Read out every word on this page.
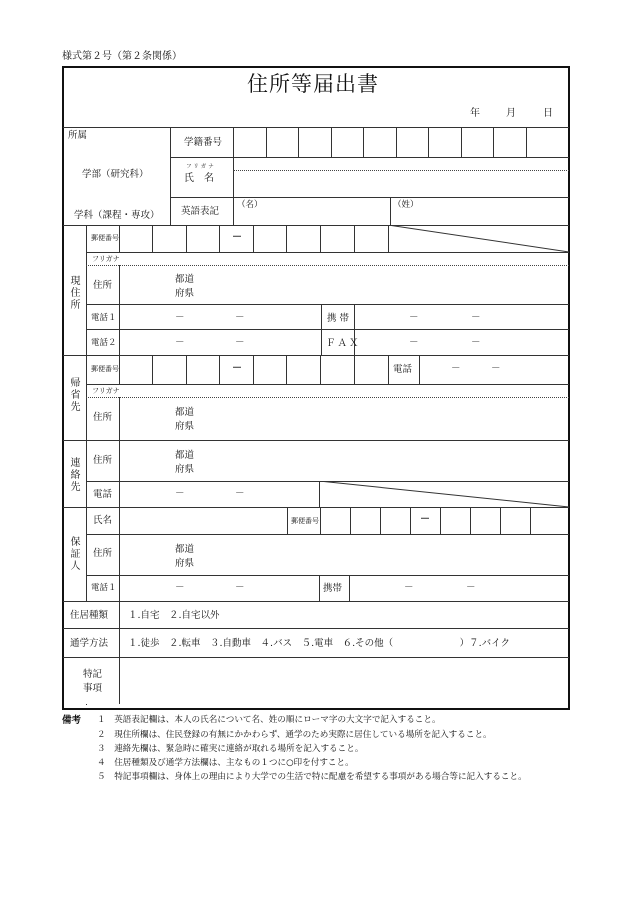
様式第２号（第２条関係）
住所等届出書
年	月	日
所属
学部（研究科）
学科（課程・専攻）
学籍番号
フリガナ
氏　名
英語表記
（名）	（姓）
現住所
郵便番号	－
フリガナ
住所
都道
府県
電話１	－	－	携 帯	－	－
電話２	－	－	ＦＡＸ	－	－
帰省先
郵便番号	－	電話	－	－
フリガナ
住所	都道
府県
連絡先 住所	都道
府県
電話	－	－
保証人
氏名	郵便番号	－
住所	都道
府県
電話１	－	－	携帯	－	－
住居種類 １.自宅　２.自宅以外
通学方法 １.徒歩　２.転車　３.自動車　４.バス　５.電車　６.その他（　　　　　　　）７.バイク
特記
事項
備考 １　英語表記欄は、本人の氏名について名、姓の順にローマ字の大文字で記入すること。
２　現住所欄は、住民登録の有無にかかわらず、通学のため実際に居住している場所を記入すること。
３　連絡先欄は、緊急時に確実に連絡が取れる場所を記入すること。
４　住居種類及び通学方法欄は、主なもの１つに○印を付すこと。
５　特記事項欄は、身体上の理由により大学での生活で特に配慮を希望する事項がある場合等に記入すること。
